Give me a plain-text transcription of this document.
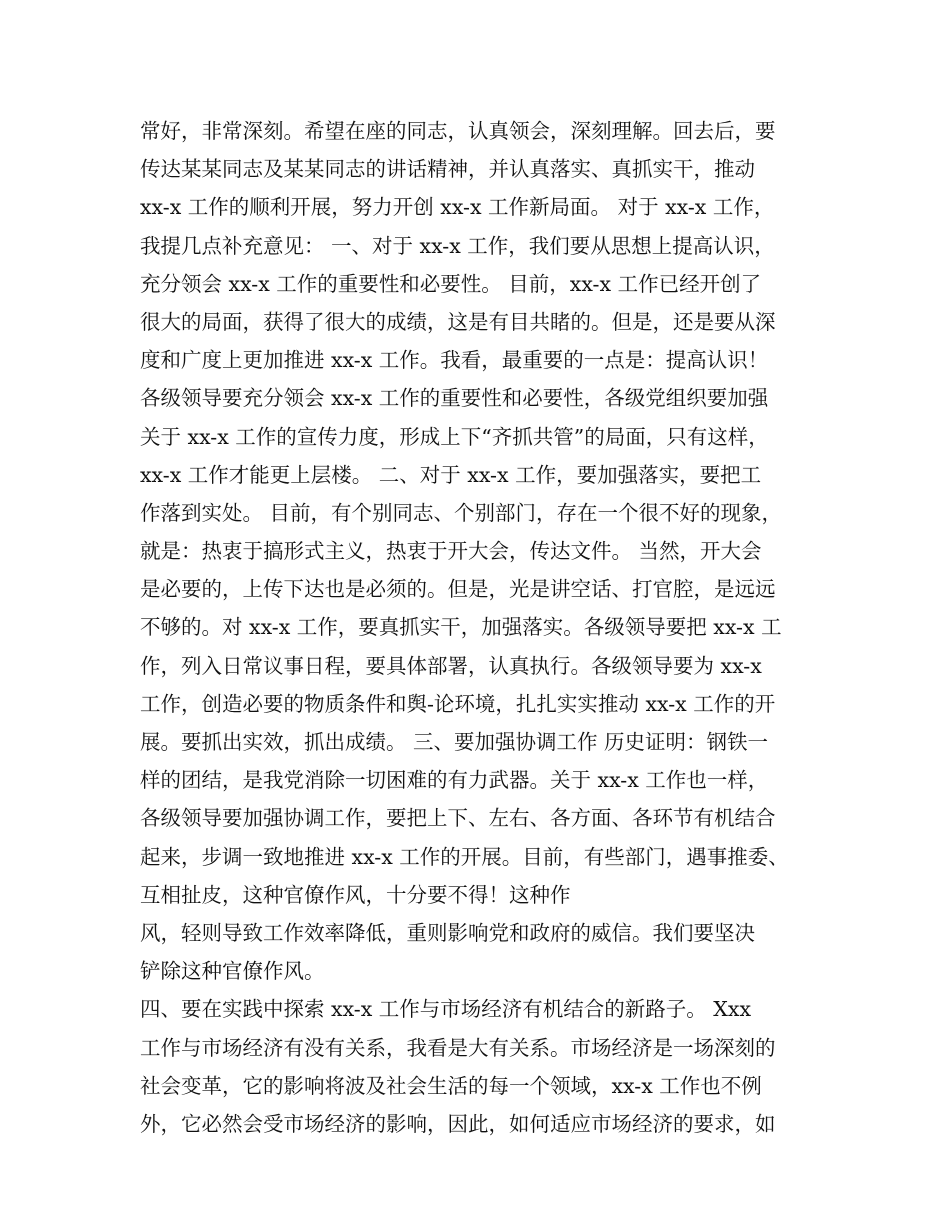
常好，非常深刻。希望在座的同志，认真领会，深刻理解。回去后，要
传达某某同志及某某同志的讲话精神，并认真落实、真抓实干，推动
xx-x 工作的顺利开展，努力开创 xx-x 工作新局面。 对于 xx-x 工作，
我提几点补充意见： 一、对于 xx-x 工作，我们要从思想上提高认识，
充分领会 xx-x 工作的重要性和必要性。 目前，xx-x 工作已经开创了
很大的局面，获得了很大的成绩，这是有目共睹的。但是，还是要从深
度和广度上更加推进 xx-x 工作。我看，最重要的一点是：提高认识！
各级领导要充分领会 xx-x 工作的重要性和必要性，各级党组织要加强
关于 xx-x 工作的宣传力度，形成上下“齐抓共管”的局面，只有这样，
xx-x 工作才能更上层楼。 二、对于 xx-x 工作，要加强落实，要把工
作落到实处。 目前，有个别同志、个别部门，存在一个很不好的现象，
就是：热衷于搞形式主义，热衷于开大会，传达文件。 当然，开大会
是必要的，上传下达也是必须的。但是，光是讲空话、打官腔，是远远
不够的。对 xx-x 工作，要真抓实干，加强落实。各级领导要把 xx-x 工
作，列入日常议事日程，要具体部署，认真执行。各级领导要为 xx-x
工作，创造必要的物质条件和舆-论环境，扎扎实实推动 xx-x 工作的开
展。要抓出实效，抓出成绩。 三、要加强协调工作 历史证明：钢铁一
样的团结，是我党消除一切困难的有力武器。关于 xx-x 工作也一样，
各级领导要加强协调工作，要把上下、左右、各方面、各环节有机结合
起来，步调一致地推进 xx-x 工作的开展。目前，有些部门，遇事推委、
互相扯皮，这种官僚作风，十分要不得！这种作
风，轻则导致工作效率降低，重则影响党和政府的威信。我们要坚决
铲除这种官僚作风。
四、要在实践中探索 xx-x 工作与市场经济有机结合的新路子。 Xxx
工作与市场经济有没有关系，我看是大有关系。市场经济是一场深刻的
社会变革，它的影响将波及社会生活的每一个领域，xx-x 工作也不例
外，它必然会受市场经济的影响，因此，如何适应市场经济的要求，如
